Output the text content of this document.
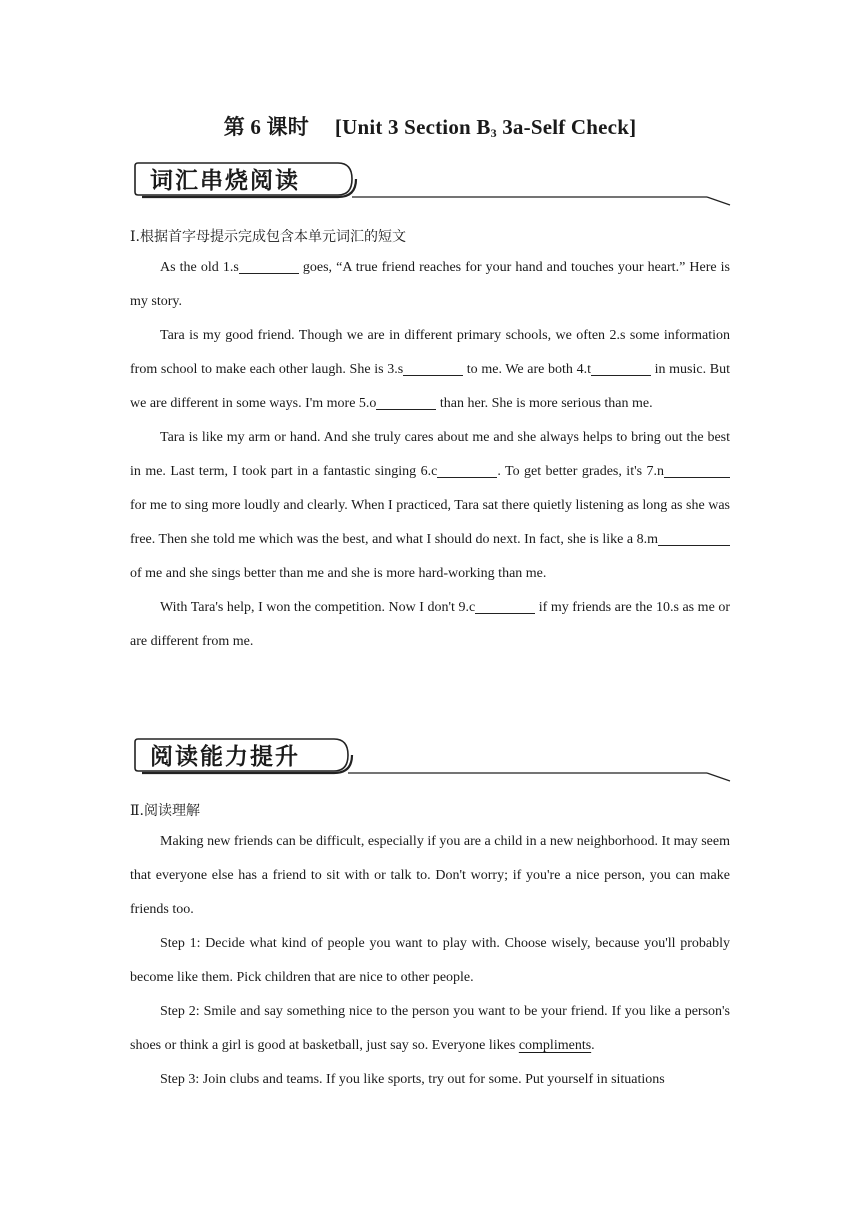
第 6 课时 [Unit 3 Section $B_3$ 3a-Self Check]
词汇串烧阅读
Ⅰ.根据首字母提示完成包含本单元词汇的短文

As the old 1.s	goes, “A true friend reaches for your hand and touches your heart.” Here is my story.

Tara is my good friend. Though we are in different primary schools, we often 2.s some information from school to make each other laugh. She is 3.s	to me. We are both 4.t	in music. But we are different in some ways. I'm more 5.o	than her. She is more serious than me.

Tara is like my arm or hand. And she truly cares about me and she always helps to bring out the best in me. Last term, I took part in a fantastic singing 6.c	. To get better grades, it's 7.n for me to sing more loudly and clearly. When I practiced, Tara sat there quietly listening as long as she was free. Then she told me which was the best, and what I should do next. In fact, she is like a 8.m of me and she sings better than me and she is more hard-working than me.

With Tara's help, I won the competition. Now I don't 9.c	if my friends are the 10.s as me or are different from me.

阅读能力提升
Ⅱ.阅读理解

Making new friends can be difficult, especially if you are a child in a new neighborhood. It may seem that everyone else has a friend to sit with or talk to. Don't worry; if you're a nice person, you can make friends too.

Step 1: Decide what kind of people you want to play with. Choose wisely, because you'll probably become like them. Pick children that are nice to other people.

Step 2: Smile and say something nice to the person you want to be your friend. If you like a person's shoes or think a girl is good at basketball, just say so. Everyone likes compliments.

Step 3: Join clubs and teams. If you like sports, try out for some. Put yourself in situations
